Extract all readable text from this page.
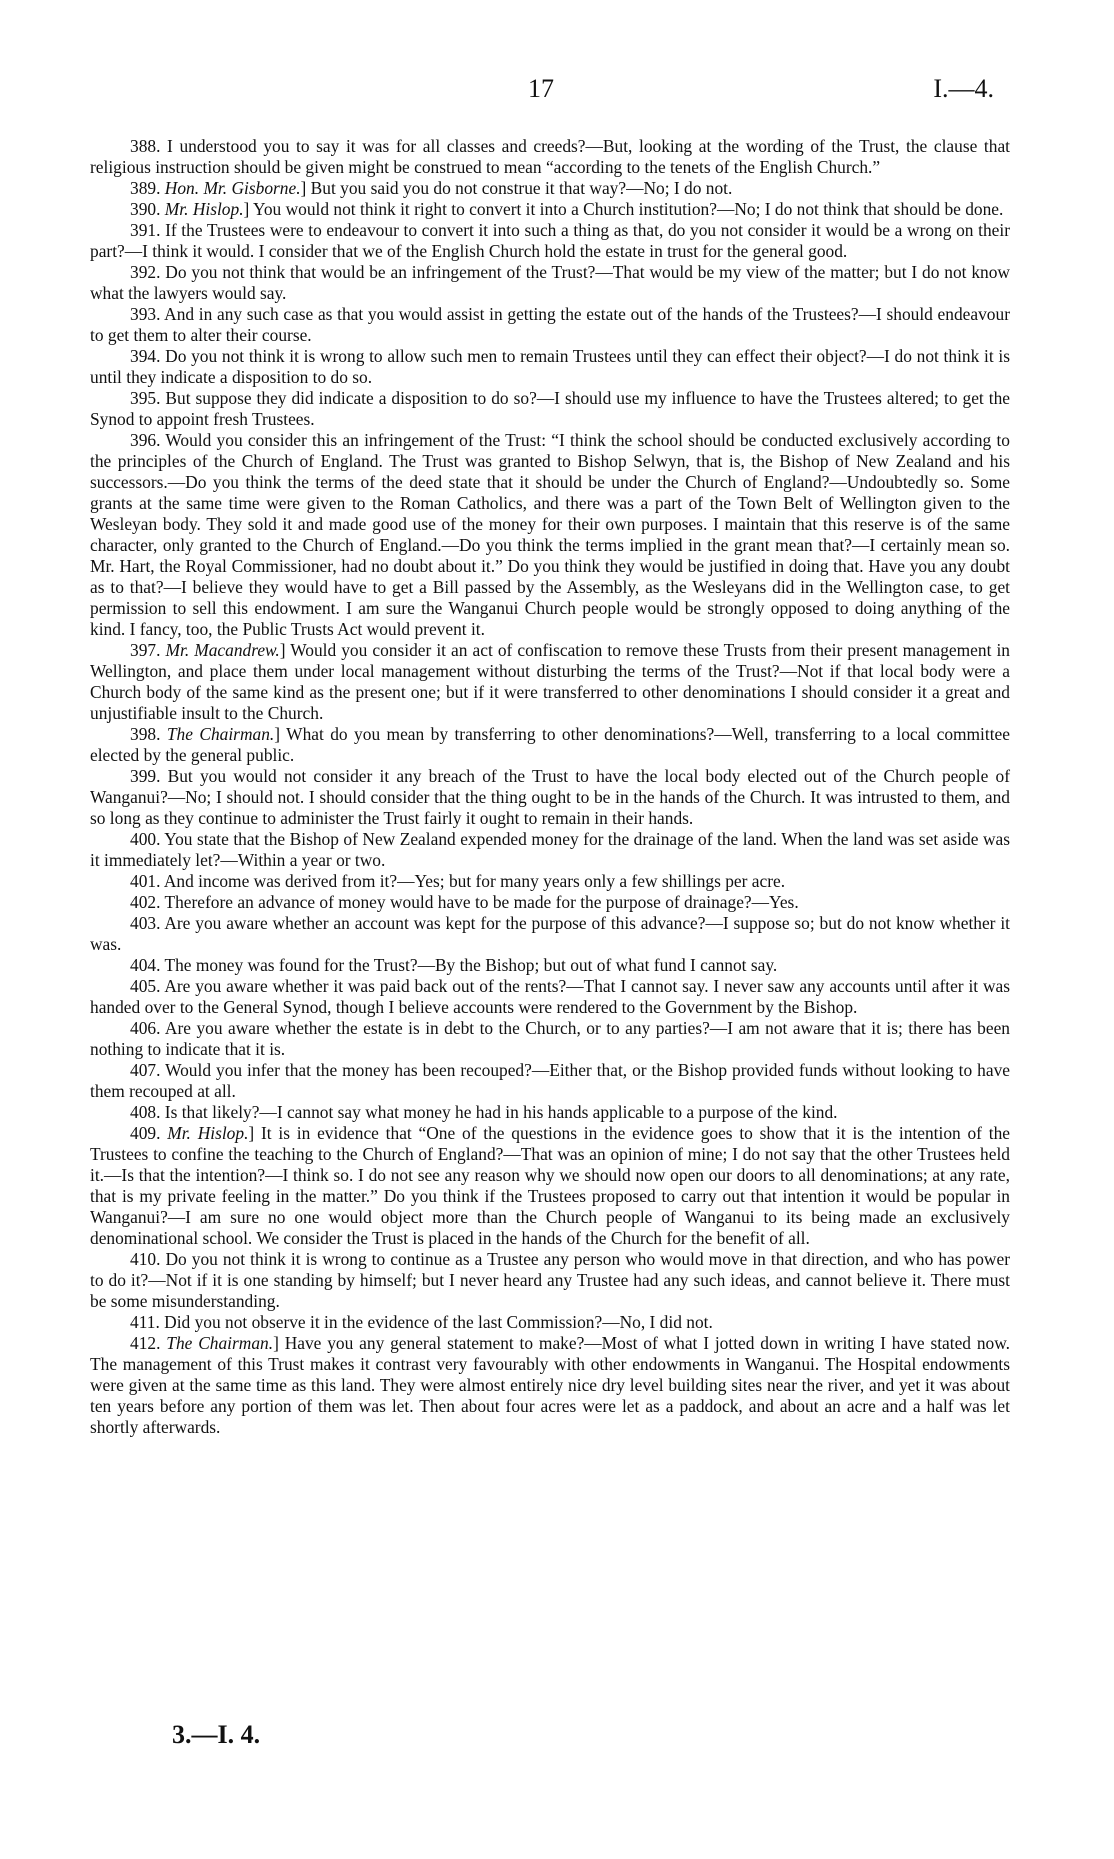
17	I.—4.

388. I understood you to say it was for all classes and creeds?—But, looking at the wording of the Trust, the clause that religious instruction should be given might be construed to mean “according to the tenets of the English Church.”

389. Hon. Mr. Gisborne.] But you said you do not construe it that way?—No; I do not.

390. Mr. Hislop.] You would not think it right to convert it into a Church institution?—No; I do not think that should be done.

391. If the Trustees were to endeavour to convert it into such a thing as that, do you not consider it would be a wrong on their part?—I think it would. I consider that we of the English Church hold the estate in trust for the general good.

392. Do you not think that would be an infringement of the Trust?—That would be my view of the matter; but I do not know what the lawyers would say.

393. And in any such case as that you would assist in getting the estate out of the hands of the Trustees?—I should endeavour to get them to alter their course.

394. Do you not think it is wrong to allow such men to remain Trustees until they can effect their object?—I do not think it is until they indicate a disposition to do so.

395. But suppose they did indicate a disposition to do so?—I should use my influence to have the Trustees altered; to get the Synod to appoint fresh Trustees.

396. Would you consider this an infringement of the Trust: “I think the school should be conducted exclusively according to the principles of the Church of England. The Trust was granted to Bishop Selwyn, that is, the Bishop of New Zealand and his successors.—Do you think the terms of the deed state that it should be under the Church of England?—Undoubtedly so. Some grants at the same time were given to the Roman Catholics, and there was a part of the Town Belt of Wellington given to the Wesleyan body. They sold it and made good use of the money for their own purposes. I maintain that this reserve is of the same character, only granted to the Church of England.—Do you think the terms implied in the grant mean that?—I certainly mean so. Mr. Hart, the Royal Commissioner, had no doubt about it.” Do you think they would be justified in doing that. Have you any doubt as to that?—I believe they would have to get a Bill passed by the Assembly, as the Wesleyans did in the Wellington case, to get permission to sell this endowment. I am sure the Wanganui Church people would be strongly opposed to doing anything of the kind. I fancy, too, the Public Trusts Act would prevent it.

397. Mr. Macandrew.] Would you consider it an act of confiscation to remove these Trusts from their present management in Wellington, and place them under local management without disturbing the terms of the Trust?—Not if that local body were a Church body of the same kind as the present one; but if it were transferred to other denominations I should consider it a great and unjustifiable insult to the Church.

398. The Chairman.] What do you mean by transferring to other denominations?—Well, transferring to a local committee elected by the general public.

399. But you would not consider it any breach of the Trust to have the local body elected out of the Church people of Wanganui?—No; I should not. I should consider that the thing ought to be in the hands of the Church. It was intrusted to them, and so long as they continue to administer the Trust fairly it ought to remain in their hands.

400. You state that the Bishop of New Zealand expended money for the drainage of the land. When the land was set aside was it immediately let?—Within a year or two.

401. And income was derived from it?—Yes; but for many years only a few shillings per acre.

402. Therefore an advance of money would have to be made for the purpose of drainage?—Yes.

403. Are you aware whether an account was kept for the purpose of this advance?—I suppose so; but do not know whether it was.

404. The money was found for the Trust?—By the Bishop; but out of what fund I cannot say.

405. Are you aware whether it was paid back out of the rents?—That I cannot say. I never saw any accounts until after it was handed over to the General Synod, though I believe accounts were rendered to the Government by the Bishop.

406. Are you aware whether the estate is in debt to the Church, or to any parties?—I am not aware that it is; there has been nothing to indicate that it is.

407. Would you infer that the money has been recouped?—Either that, or the Bishop provided funds without looking to have them recouped at all.

408. Is that likely?—I cannot say what money he had in his hands applicable to a purpose of the kind.

409. Mr. Hislop.] It is in evidence that “One of the questions in the evidence goes to show that it is the intention of the Trustees to confine the teaching to the Church of England?—That was an opinion of mine; I do not say that the other Trustees held it.—Is that the intention?—I think so. I do not see any reason why we should now open our doors to all denominations; at any rate, that is my private feeling in the matter.” Do you think if the Trustees proposed to carry out that intention it would be popular in Wanganui?—I am sure no one would object more than the Church people of Wanganui to its being made an exclusively denominational school. We consider the Trust is placed in the hands of the Church for the benefit of all.

410. Do you not think it is wrong to continue as a Trustee any person who would move in that direction, and who has power to do it?—Not if it is one standing by himself; but I never heard any Trustee had any such ideas, and cannot believe it. There must be some misunderstanding.

411. Did you not observe it in the evidence of the last Commission?—No, I did not.

412. The Chairman.] Have you any general statement to make?—Most of what I jotted down in writing I have stated now. The management of this Trust makes it contrast very favourably with other endowments in Wanganui. The Hospital endowments were given at the same time as this land. They were almost entirely nice dry level building sites near the river, and yet it was about ten years before any portion of them was let. Then about four acres were let as a paddock, and about an acre and a half was let shortly afterwards.

3.—I. 4.
